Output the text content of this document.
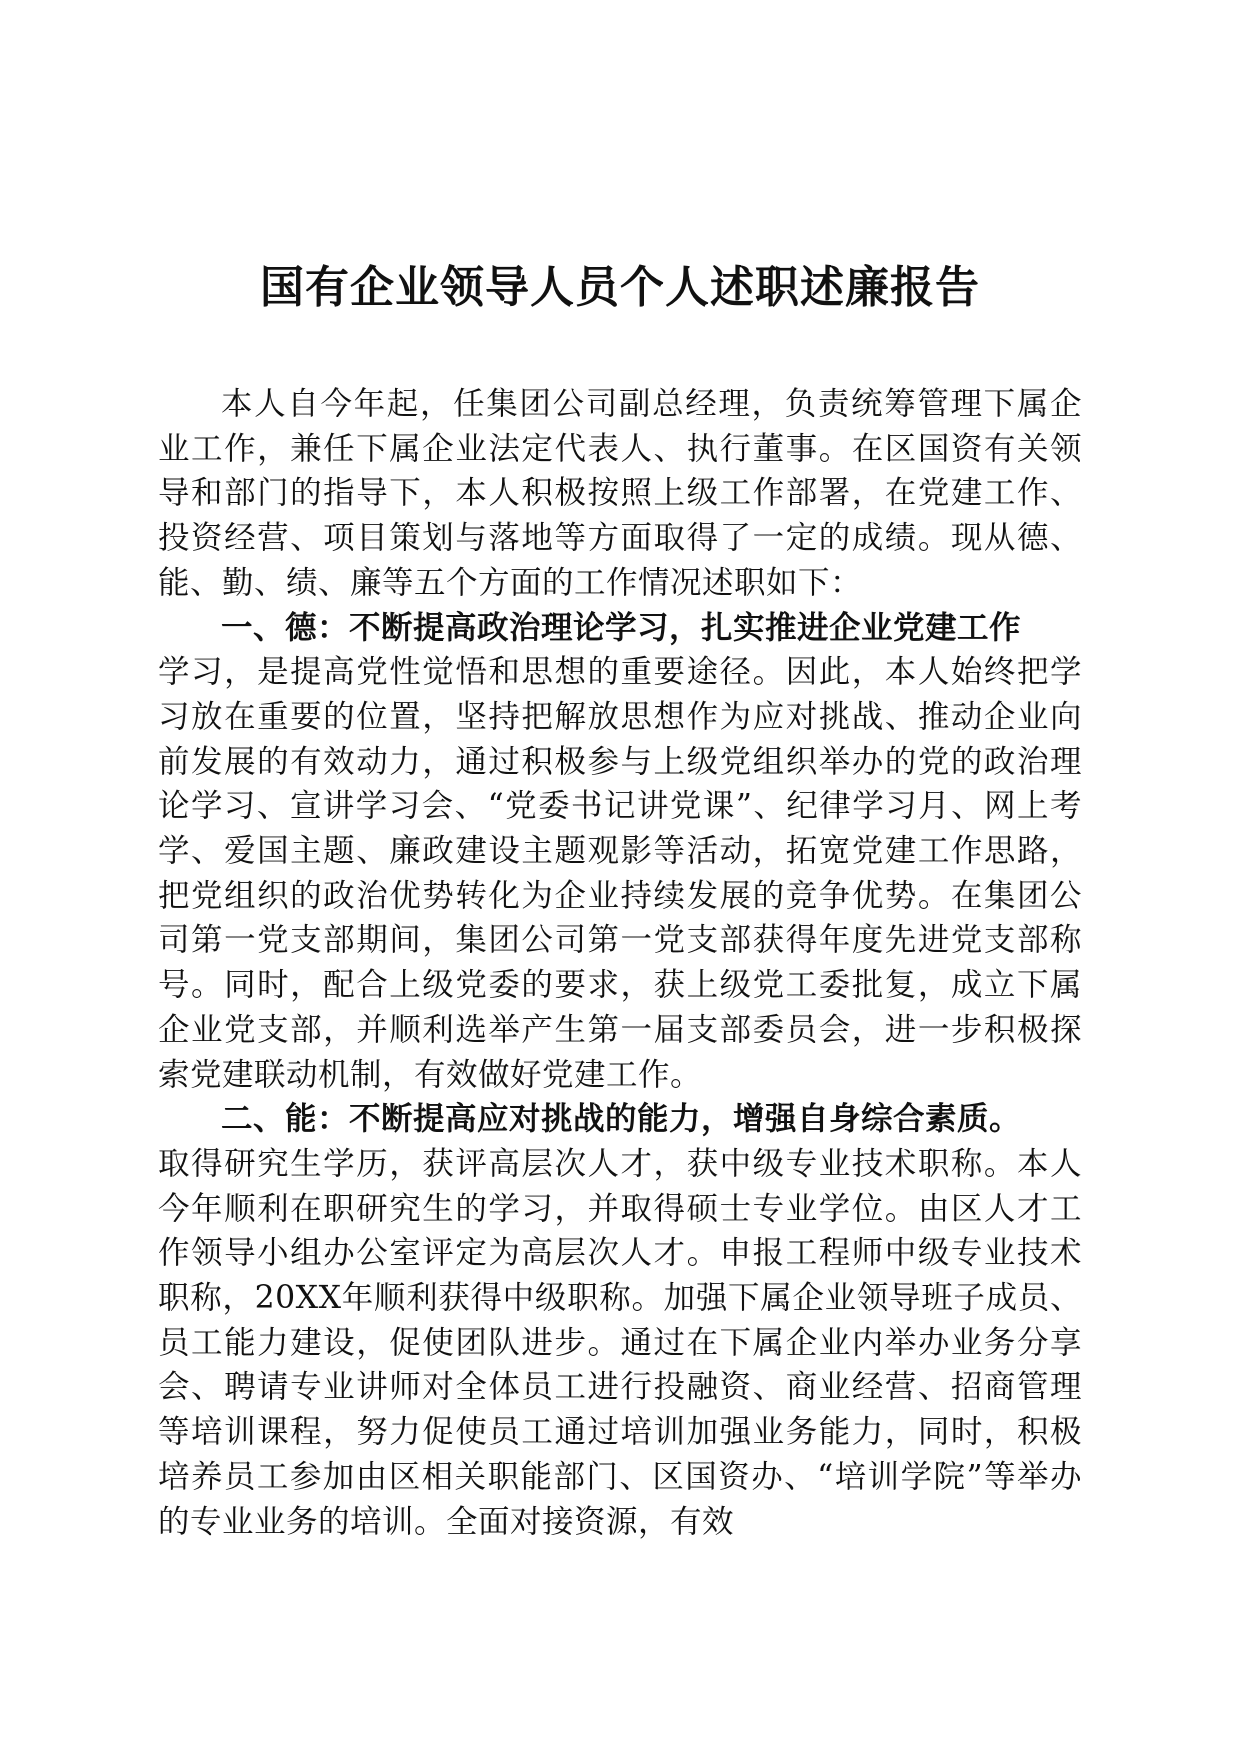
国有企业领导人员个人述职述廉报告

本人自今年起，任集团公司副总经理，负责统筹管理下属企业工作，兼任下属企业法定代表人、执行董事。在区国资有关领导和部门的指导下，本人积极按照上级工作部署，在党建工作、投资经营、项目策划与落地等方面取得了一定的成绩。现从德、能、勤、绩、廉等五个方面的工作情况述职如下：

一、德：不断提高政治理论学习，扎实推进企业党建工作

学习，是提高党性觉悟和思想的重要途径。因此，本人始终把学习放在重要的位置，坚持把解放思想作为应对挑战、推动企业向前发展的有效动力，通过积极参与上级党组织举办的党的政治理论学习、宣讲学习会、“党委书记讲党课”、纪律学习月、网上考学、爱国主题、廉政建设主题观影等活动，拓宽党建工作思路，把党组织的政治优势转化为企业持续发展的竞争优势。在集团公司第一党支部期间，集团公司第一党支部获得年度先进党支部称号。同时，配合上级党委的要求，获上级党工委批复，成立下属企业党支部，并顺利选举产生第一届支部委员会，进一步积极探索党建联动机制，有效做好党建工作。

二、能：不断提高应对挑战的能力，增强自身综合素质。

取得研究生学历，获评高层次人才，获中级专业技术职称。本人今年顺利在职研究生的学习，并取得硕士专业学位。由区人才工作领导小组办公室评定为高层次人才。申报工程师中级专业技术职称，20XX年顺利获得中级职称。加强下属企业领导班子成员、员工能力建设，促使团队进步。通过在下属企业内举办业务分享会、聘请专业讲师对全体员工进行投融资、商业经营、招商管理等培训课程，努力促使员工通过培训加强业务能力，同时，积极培养员工参加由区相关职能部门、区国资办、“培训学院”等举办的专业业务的培训。全面对接资源，有效
